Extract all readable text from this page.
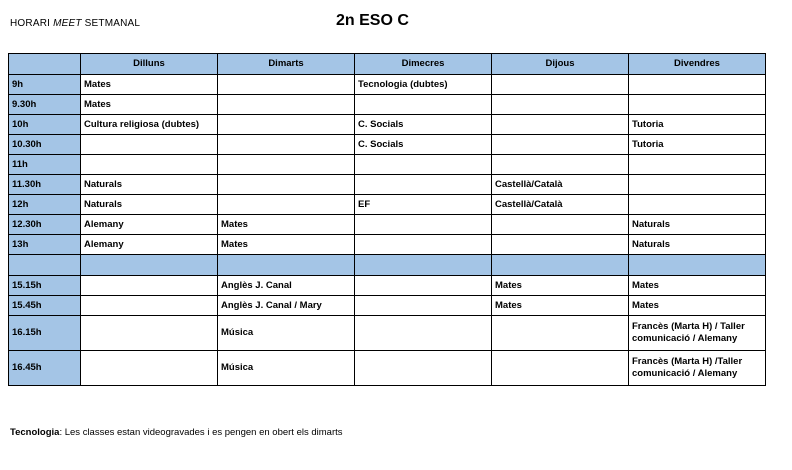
HORARI MEET SETMANAL	2n ESO C
	Dilluns	Dimarts	Dimecres	Dijous	Divendres
9h	Mates		Tecnologia (dubtes)		
9.30h	Mates				
10h	Cultura religiosa (dubtes)		C. Socials		Tutoria
10.30h			C. Socials		Tutoria
11h					
11.30h	Naturals			Castellà/Català	
12h	Naturals		EF	Castellà/Català	
12.30h	Alemany	Mates			Naturals
13h	Alemany	Mates			Naturals

15.15h		Anglès J. Canal		Mates	Mates
15.45h		Anglès J. Canal / Mary		Mates	Mates
16.15h		Música			Francès (Marta H) / Taller comunicació / Alemany
16.45h		Música			Francès (Marta H) /Taller comunicació / Alemany
Tecnologia: Les classes estan videogravades i es pengen en obert els dimarts
